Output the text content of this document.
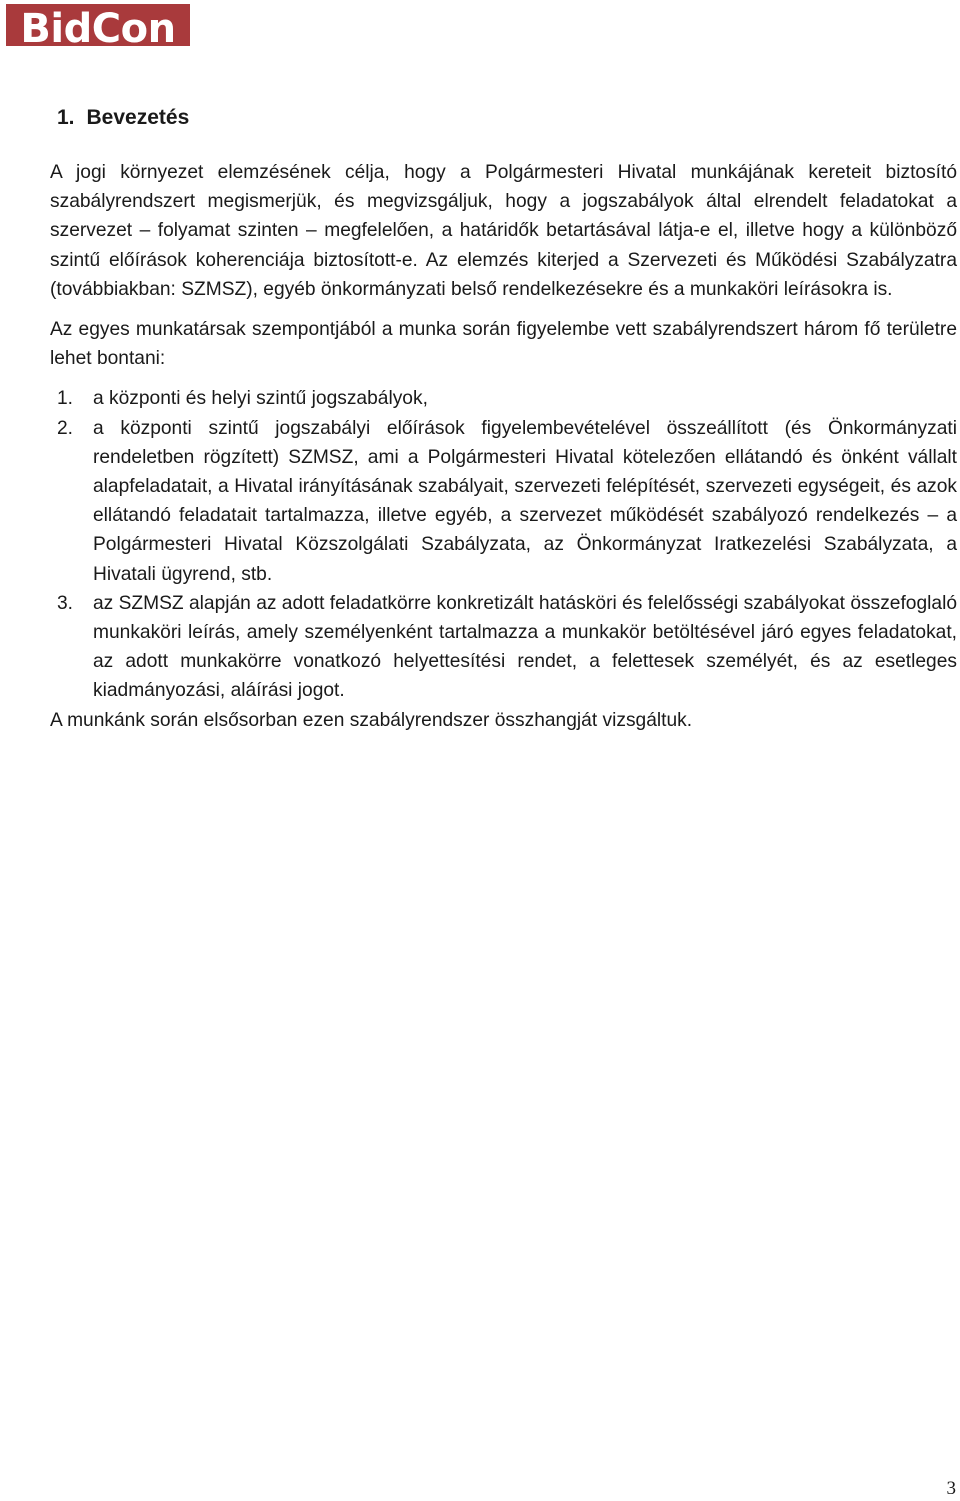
BidCon
1. Bevezetés

A jogi környezet elemzésének célja, hogy a Polgármesteri Hivatal munkájának kereteit biztosító szabályrendszert megismerjük, és megvizsgáljuk, hogy a jogszabályok által elrendelt feladatokat a szervezet – folyamat szinten – megfelelően, a határidők betartásával látja-e el, illetve hogy a különböző szintű előírások koherenciája biztosított-e. Az elemzés kiterjed a Szervezeti és Működési Szabályzatra (továbbiakban: SZMSZ), egyéb önkormányzati belső rendelkezésekre és a munkaköri leírásokra is.

Az egyes munkatársak szempontjából a munka során figyelembe vett szabályrendszert három fő területre lehet bontani:

1.	a központi és helyi szintű jogszabályok,
2.	a központi szintű jogszabályi előírások figyelembevételével összeállított (és Önkormányzati rendeletben rögzített) SZMSZ, ami a Polgármesteri Hivatal kötelezően ellátandó és önként vállalt alapfeladatait, a Hivatal irányításának szabályait, szervezeti felépítését, szervezeti egységeit, és azok ellátandó feladatait tartalmazza, illetve egyéb, a szervezet működését szabályozó rendelkezés – a Polgármesteri Hivatal Közszolgálati Szabályzata, az Önkormányzat Iratkezelési Szabályzata, a Hivatali ügyrend, stb.
3.	az SZMSZ alapján az adott feladatkörre konkretizált hatásköri és felelősségi szabályokat összefoglaló munkaköri leírás, amely személyenként tartalmazza a munkakör betöltésével járó egyes feladatokat, az adott munkakörre vonatkozó helyettesítési rendet, a felettesek személyét, és az esetleges kiadmányozási, aláírási jogot.

A munkánk során elsősorban ezen szabályrendszer összhangját vizsgáltuk.

3
